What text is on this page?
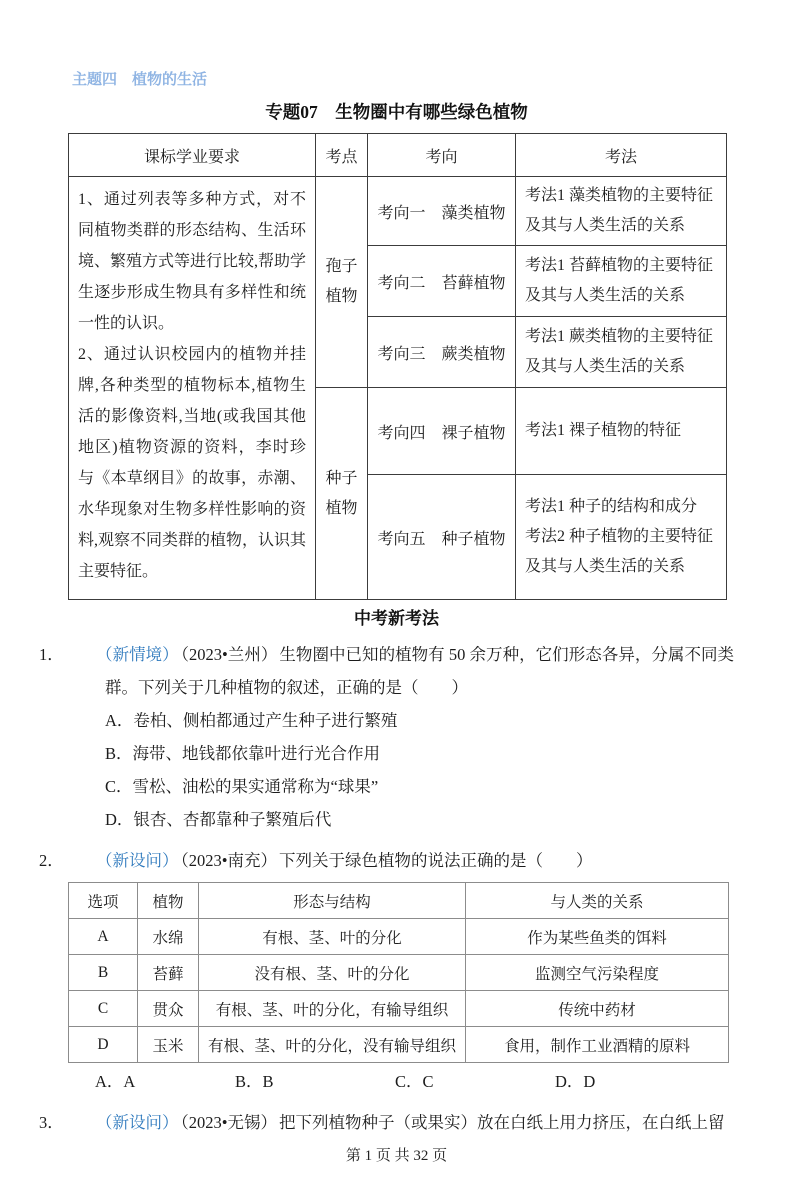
主题四　植物的生活
专题07　生物圈中有哪些绿色植物
课标学业要求	考点	考向	考法

1、通过列表等多种方式，对不同植物类群的形态结构、生活环境、繁殖方式等进行比较,帮助学生逐步形成生物具有多样性和统一性的认识。

2、通过认识校园内的植物并挂牌,各种类型的植物标本,植物生活的影像资料,当地(或我国其他地区)植物资源的资料，李时珍与《本草纲目》的故事，赤潮、水华现象对生物多样性影响的资料,观察不同类群的植物，认识其主要特征。	孢子植物	考向一　藻类植物	考法1 藻类植物的主要特征及其与人类生活的关系

		考向二　苔藓植物	考法1 苔藓植物的主要特征及其与人类生活的关系

		考向三　蕨类植物	考法1 蕨类植物的主要特征及其与人类生活的关系

	种子植物	考向四　裸子植物	考法1 裸子植物的特征

		考向五　种子植物	考法1 种子的结构和成分

考法2 种子植物的主要特征及其与人类生活的关系

中考新考法

1． （新情境） （2023•兰州） 生物圈中已知的植物有 50 余万种，它们形态各异，分属不同类群。下列关于几种植物的叙述，正确的是（　　）

A．卷柏、侧柏都通过产生种子进行繁殖

B．海带、地钱都依靠叶进行光合作用

C．雪松、油松的果实通常称为“球果”

D．银杏、杏都靠种子繁殖后代

2． （新设问） （2023•南充） 下列关于绿色植物的说法正确的是（　　）

选项	植物	形态与结构	与人类的关系
A	水绵	有根、茎、叶的分化	作为某些鱼类的饵料
B	苔藓	没有根、茎、叶的分化	监测空气污染程度
C	贯众	有根、茎、叶的分化，有输导组织	传统中药材
D	玉米	有根、茎、叶的分化，没有输导组织	食用，制作工业酒精的原料
A．A	B．B	C．C	D．D

3． （新设问） （2023•无锡） 把下列植物种子（或果实）放在白纸上用力挤压，在白纸上留

第 1 页 共 32 页
